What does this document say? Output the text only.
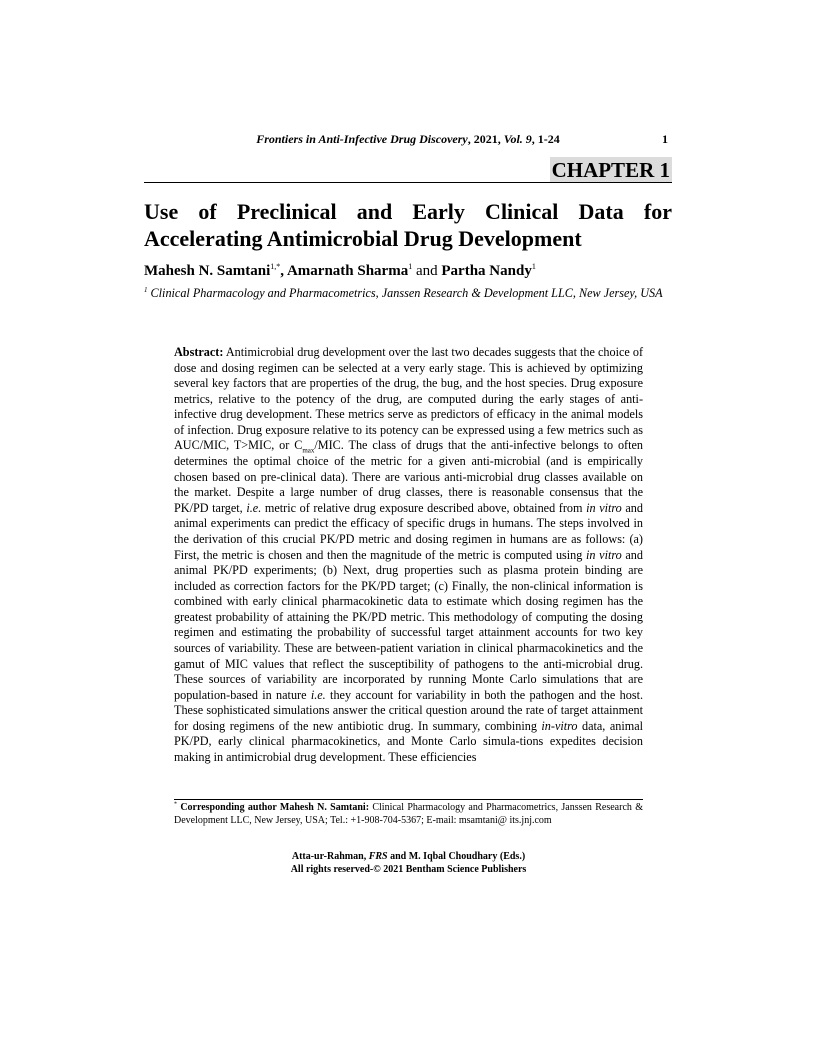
Frontiers in Anti-Infective Drug Discovery, 2021, Vol. 9, 1-24	1
CHAPTER 1
Use of Preclinical and Early Clinical Data for Accelerating Antimicrobial Drug Development
Mahesh N. Samtani$^{1,*}$, Amarnath Sharma$^1$ and Partha Nandy$^1$
$^1$ Clinical Pharmacology and Pharmacometrics, Janssen Research & Development LLC, New Jersey, USA
Abstract: Antimicrobial drug development over the last two decades suggests that the choice of dose and dosing regimen can be selected at a very early stage. This is achieved by optimizing several key factors that are properties of the drug, the bug, and the host species. Drug exposure metrics, relative to the potency of the drug, are computed during the early stages of anti-infective drug development. These metrics serve as predictors of efficacy in the animal models of infection. Drug exposure relative to its potency can be expressed using a few metrics such as AUC/MIC, T>MIC, or $C_{max}$/MIC. The class of drugs that the anti-infective belongs to often determines the optimal choice of the metric for a given anti-microbial (and is empirically chosen based on pre-clinical data). There are various anti-microbial drug classes available on the market. Despite a large number of drug classes, there is reasonable consensus that the PK/PD target, i.e. metric of relative drug exposure described above, obtained from in vitro and animal experiments can predict the efficacy of specific drugs in humans. The steps involved in the derivation of this crucial PK/PD metric and dosing regimen in humans are as follows: (a) First, the metric is chosen and then the magnitude of the metric is computed using in vitro and animal PK/PD experiments; (b) Next, drug properties such as plasma protein binding are included as correction factors for the PK/PD target; (c) Finally, the non-clinical information is combined with early clinical pharmacokinetic data to estimate which dosing regimen has the greatest probability of attaining the PK/PD metric. This methodology of computing the dosing regimen and estimating the probability of successful target attainment accounts for two key sources of variability. These are between-patient variation in clinical pharmacokinetics and the gamut of MIC values that reflect the susceptibility of pathogens to the anti-microbial drug. These sources of variability are incorporated by running Monte Carlo simulations that are population-based in nature i.e. they account for variability in both the pathogen and the host. These sophisticated simulations answer the critical question around the rate of target attainment for dosing regimens of the new antibiotic drug. In summary, combining in-vitro data, animal PK/PD, early clinical pharmacokinetics, and Monte Carlo simula-tions expedites decision making in antimicrobial drug development. These efficiencies
* Corresponding author Mahesh N. Samtani: Clinical Pharmacology and Pharmacometrics, Janssen Research & Development LLC, New Jersey, USA; Tel.: +1-908-704-5367; E-mail: msamtani@ its.jnj.com
Atta-ur-Rahman, FRS and M. Iqbal Choudhary (Eds.)
All rights reserved-© 2021 Bentham Science Publishers
